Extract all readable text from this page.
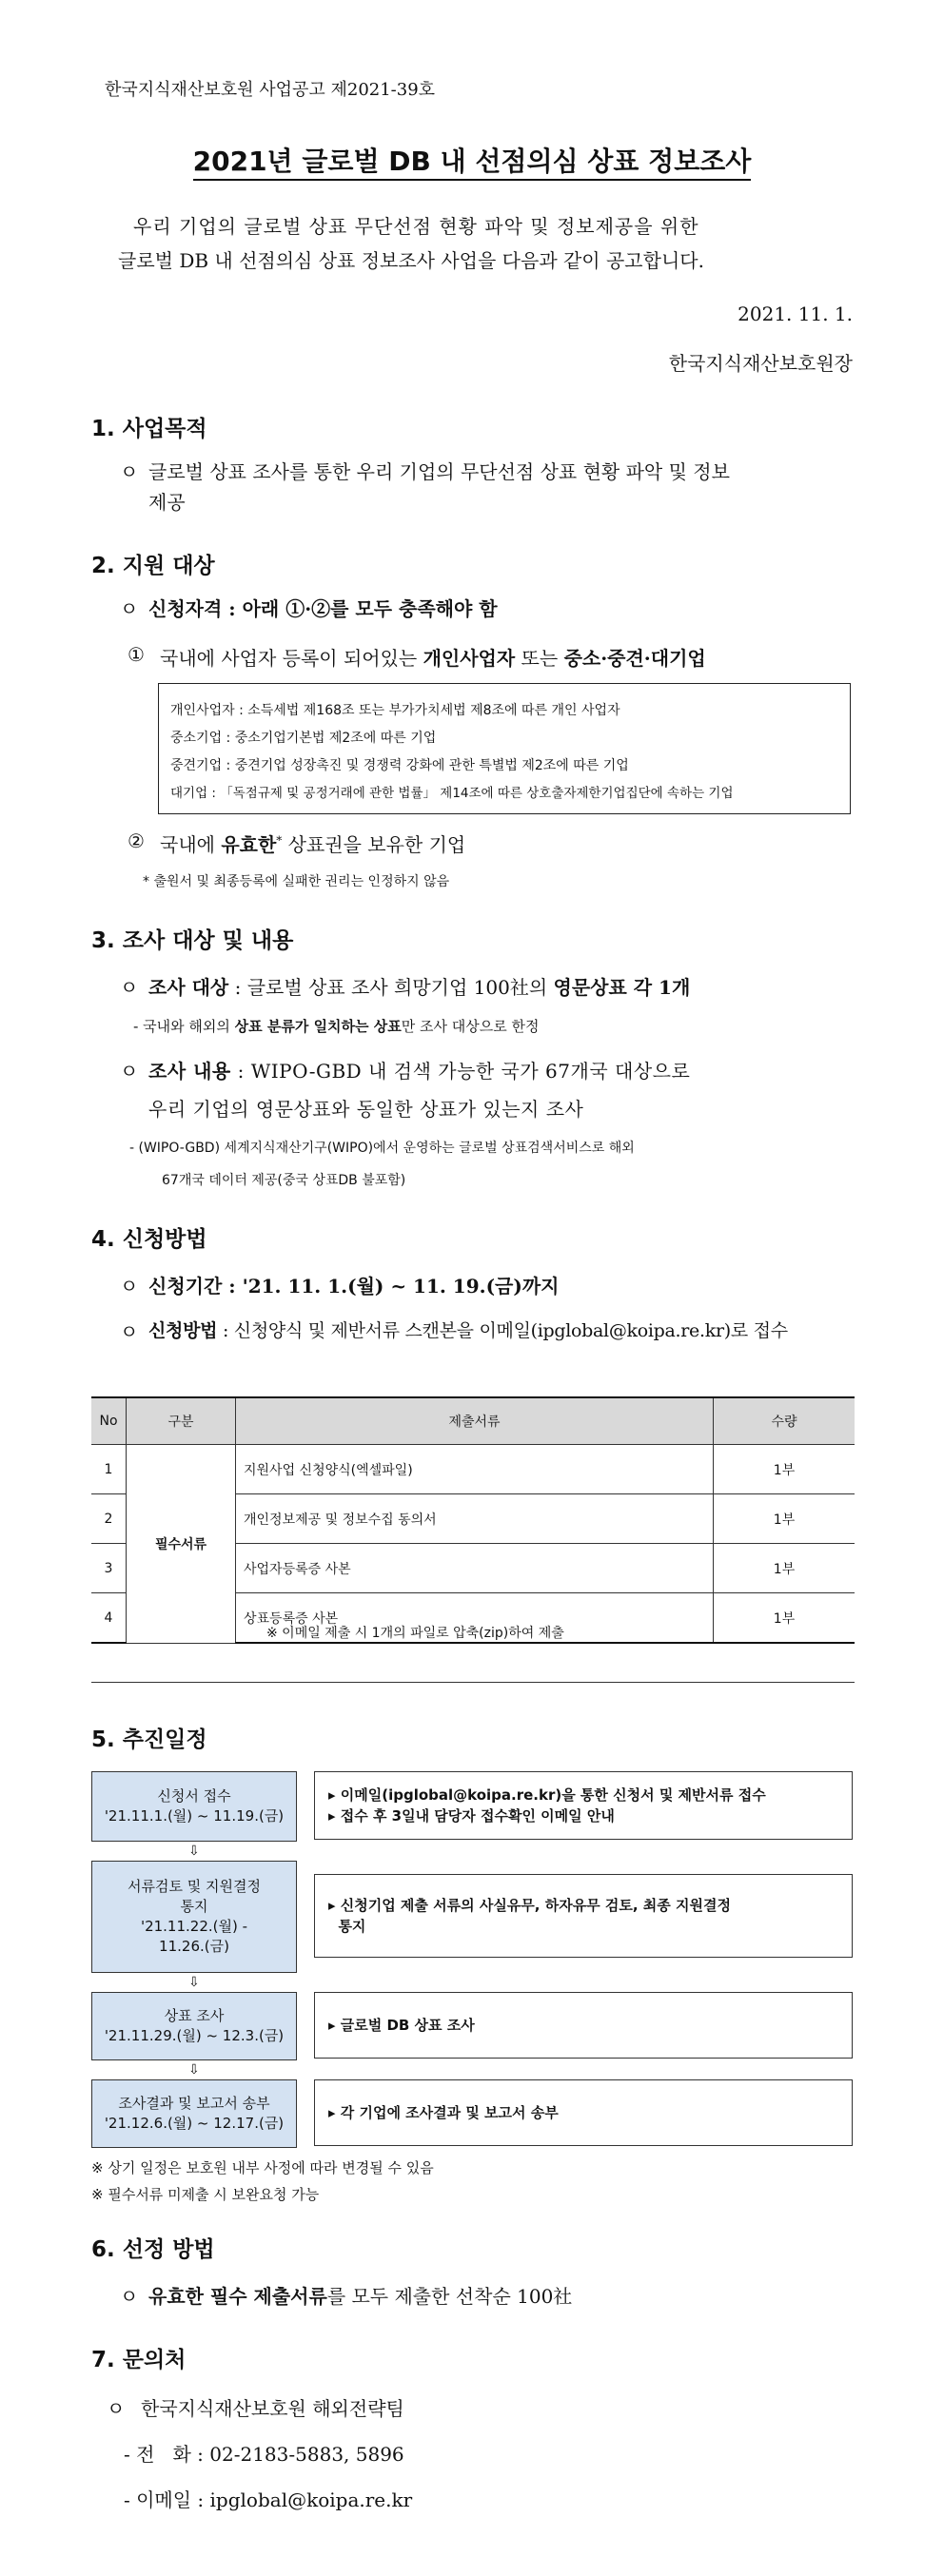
한국지식재산보호원 사업공고 제2021-39호
2021년 글로벌 DB 내 선점의심 상표 정보조사
우리 기업의 글로벌 상표 무단선점 현황 파악 및 정보제공을 위한
글로벌 DB 내 선점의심 상표 정보조사 사업을 다음과 같이 공고합니다.
2021. 11. 1.
한국지식재산보호원장
1. 사업목적
ㅇ 글로벌 상표 조사를 통한 우리 기업의 무단선점 상표 현황 파악 및 정보
제공
2. 지원 대상
ㅇ 신청자격 : 아래 ①·②를 모두 충족해야 함
① 국내에 사업자 등록이 되어있는 개인사업자 또는 중소·중견·대기업
개인사업자 : 소득세법 제168조 또는 부가가치세법 제8조에 따른 개인 사업자
중소기업 : 중소기업기본법 제2조에 따른 기업
중견기업 : 중견기업 성장촉진 및 경쟁력 강화에 관한 특별법 제2조에 따른 기업
대기업 : 「독점규제 및 공정거래에 관한 법률」 제14조에 따른 상호출자제한기업집단에 속하는 기업
② 국내에 유효한* 상표권을 보유한 기업
* 출원서 및 최종등록에 실패한 권리는 인정하지 않음
3. 조사 대상 및 내용
ㅇ 조사 대상 : 글로벌 상표 조사 희망기업 100社의 영문상표 각 1개
- 국내와 해외의 상표 분류가 일치하는 상표만 조사 대상으로 한정
ㅇ 조사 내용 : WIPO-GBD 내 검색 가능한 국가 67개국 대상으로
우리 기업의 영문상표와 동일한 상표가 있는지 조사
- (WIPO-GBD) 세계지식재산기구(WIPO)에서 운영하는 글로벌 상표검색서비스로 해외
67개국 데이터 제공(중국 상표DB 불포함)
4. 신청방법
ㅇ 신청기간 : '21. 11. 1.(월) ~ 11. 19.(금)까지
ㅇ 신청방법 : 신청양식 및 제반서류 스캔본을 이메일(ipglobal@koipa.re.kr)로 접수
No	구분	제출서류	수량
1	필수서류	지원사업 신청양식(엑셀파일)	1부
2		개인정보제공 및 정보수집 동의서	1부
3		사업자등록증 사본	1부
4		상표등록증 사본	1부
※ 이메일 제출 시 1개의 파일로 압축(zip)하여 제출
5. 추진일정
신청서 접수
'21.11.1.(월) ~ 11.19.(금)
▸ 이메일(ipglobal@koipa.re.kr)을 통한 신청서 및 제반서류 접수
▸ 접수 후 3일내 담당자 접수확인 이메일 안내
⇩
서류검토 및 지원결정
통지
'21.11.22.(월) -
11.26.(금)
▸ 신청기업 제출 서류의 사실유무, 하자유무 검토, 최종 지원결정
통지
⇩
상표 조사
'21.11.29.(월) ~ 12.3.(금)
▸ 글로벌 DB 상표 조사
⇩
조사결과 및 보고서 송부
'21.12.6.(월) ~ 12.17.(금)
▸ 각 기업에 조사결과 및 보고서 송부
※ 상기 일정은 보호원 내부 사정에 따라 변경될 수 있음
※ 필수서류 미제출 시 보완요청 가능
6. 선정 방법
ㅇ 유효한 필수 제출서류를 모두 제출한 선착순 100社
7. 문의처
ㅇ 한국지식재산보호원 해외전략팀
- 전   화 : 02-2183-5883, 5896
- 이메일 : ipglobal@koipa.re.kr
